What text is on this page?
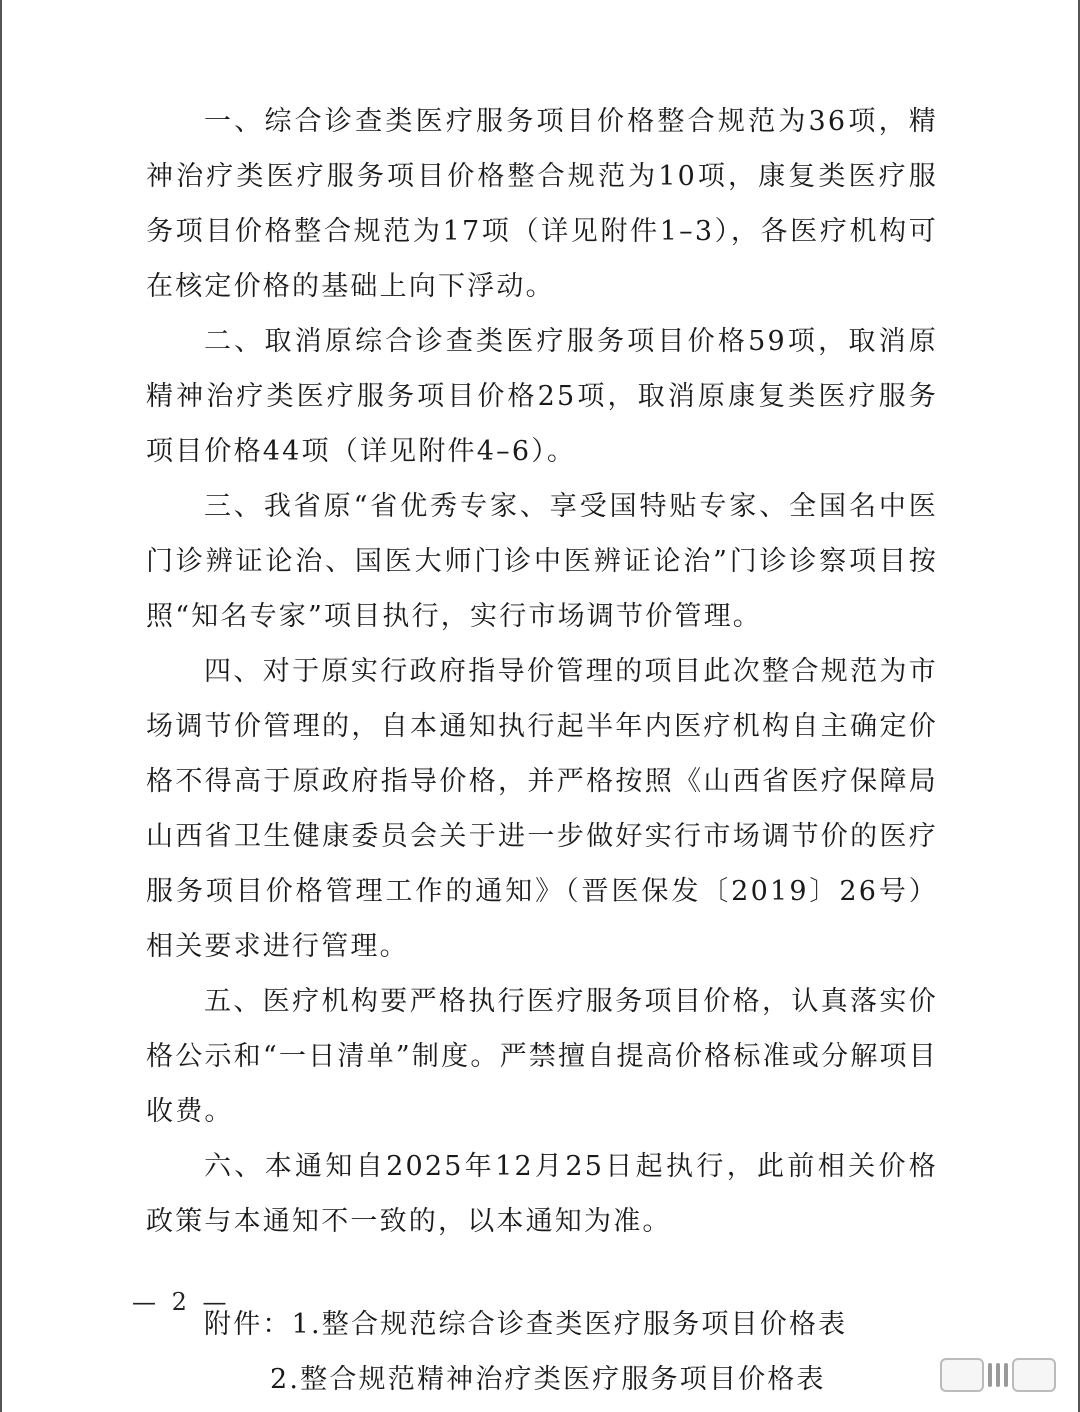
一、综合诊查类医疗服务项目价格整合规范为36项，精神治疗类医疗服务项目价格整合规范为10项，康复类医疗服务项目价格整合规范为17项（详见附件1–3），各医疗机构可在核定价格的基础上向下浮动。

二、取消原综合诊查类医疗服务项目价格59项，取消原精神治疗类医疗服务项目价格25项，取消原康复类医疗服务项目价格44项（详见附件4–6）。

三、我省原“省优秀专家、享受国特贴专家、全国名中医门诊辨证论治、国医大师门诊中医辨证论治”门诊诊察项目按照“知名专家”项目执行，实行市场调节价管理。

四、对于原实行政府指导价管理的项目此次整合规范为市场调节价管理的，自本通知执行起半年内医疗机构自主确定价格不得高于原政府指导价格，并严格按照《山西省医疗保障局 山西省卫生健康委员会关于进一步做好实行市场调节价的医疗服务项目价格管理工作的通知》（晋医保发〔2019〕26号）相关要求进行管理。

五、医疗机构要严格执行医疗服务项目价格，认真落实价格公示和“一日清单”制度。严禁擅自提高价格标准或分解项目收费。

六、本通知自2025年12月25日起执行，此前相关价格政策与本通知不一致的，以本通知为准。

附件：1.整合规范综合诊查类医疗服务项目价格表
2.整合规范精神治疗类医疗服务项目价格表
— 2 —
